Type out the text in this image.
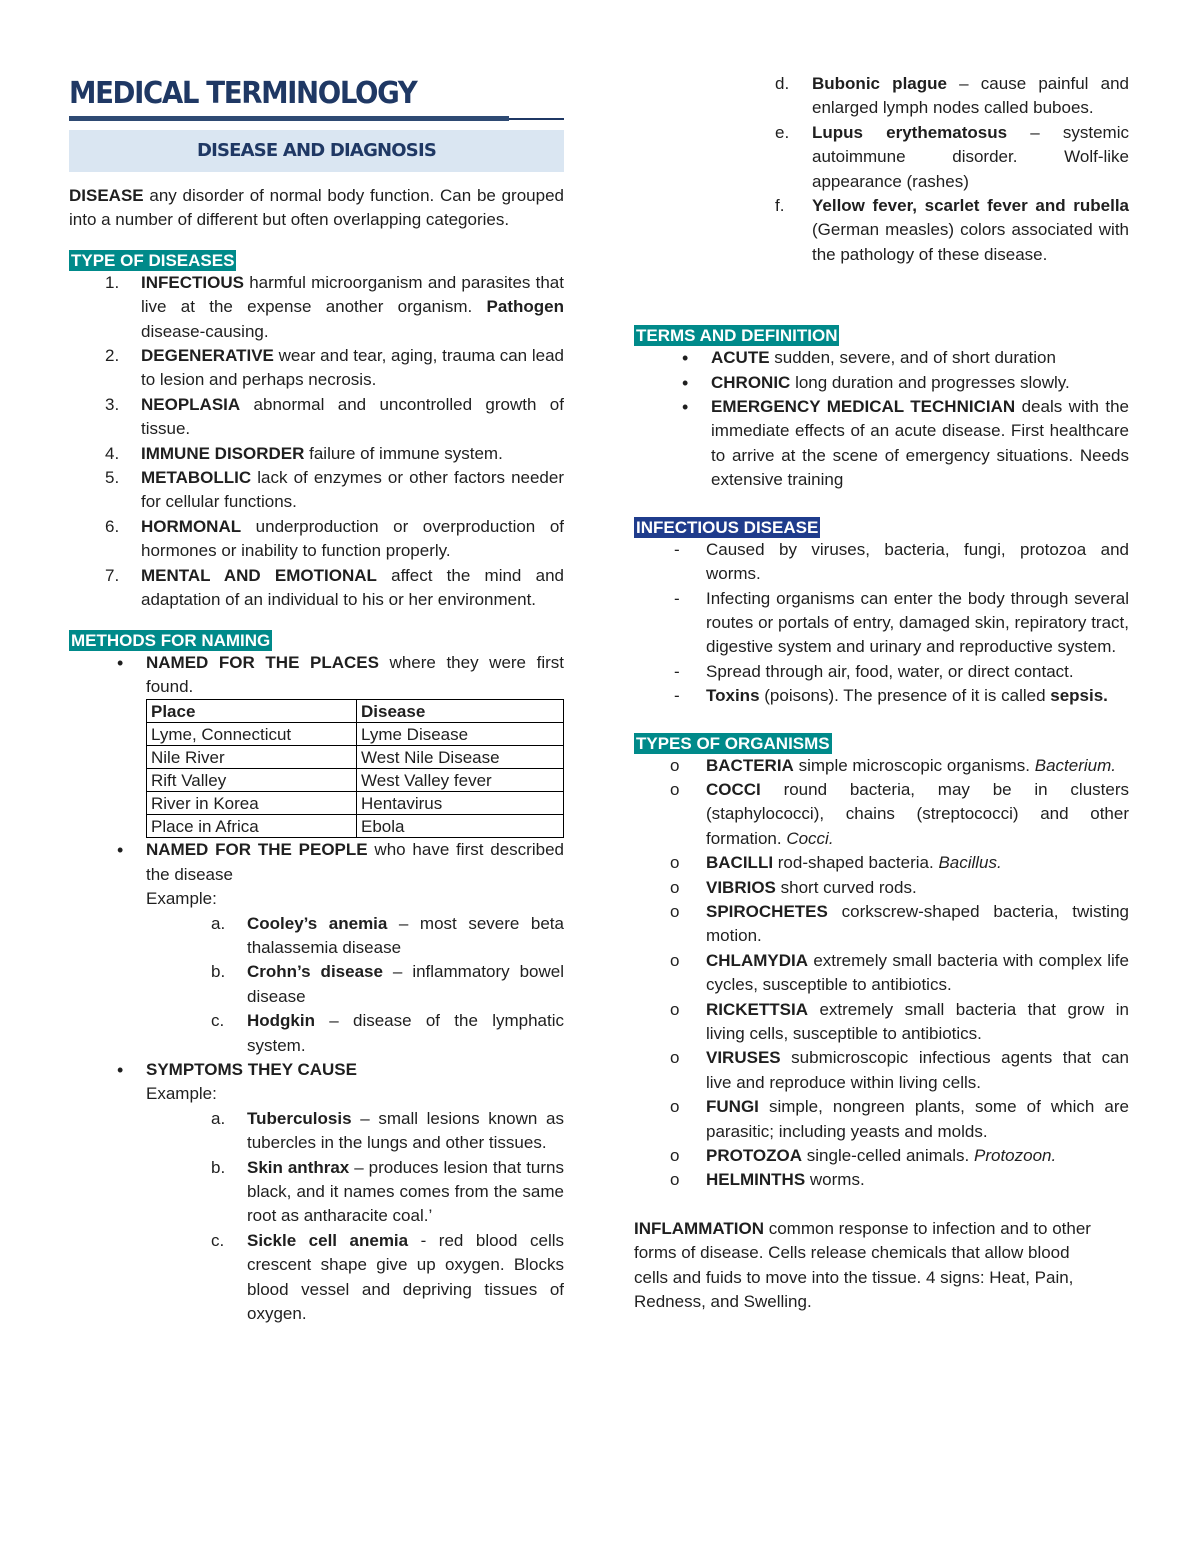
MEDICAL TERMINOLOGY
DISEASE AND DIAGNOSIS

DISEASE any disorder of normal body function. Can be grouped into a number of different but often overlapping categories.

TYPE OF DISEASES
INFECTIOUS harmful microorganism and parasites that live at the expense another organism. Pathogen disease-causing.
DEGENERATIVE wear and tear, aging, trauma can lead to lesion and perhaps necrosis.
NEOPLASIA abnormal and uncontrolled growth of tissue.
IMMUNE DISORDER failure of immune system.
METABOLLIC lack of enzymes or other factors needer for cellular functions.
HORMONAL underproduction or overproduction of hormones or inability to function properly.
MENTAL AND EMOTIONAL affect the mind and adaptation of an individual to his or her environment.
METHODS FOR NAMING
• NAMED FOR THE PLACES where they were first found.
Place	Disease
Lyme, Connecticut	Lyme Disease
Nile River	West Nile Disease
Rift Valley	West Valley fever
River in Korea	Hentavirus
Place in Africa	Ebola
• NAMED FOR THE PEOPLE who have first described the disease
Example:
a. Cooley’s anemia – most severe beta thalassemia disease
b. Crohn’s disease – inflammatory bowel disease
c. Hodgkin – disease of the lymphatic system.
• SYMPTOMS THEY CAUSE
Example:
a. Tuberculosis – small lesions known as tubercles in the lungs and other tissues.
b. Skin anthrax – produces lesion that turns black, and it names comes from the same root as antharacite coal.’
c. Sickle cell anemia - red blood cells crescent shape give up oxygen. Blocks blood vessel and depriving tissues of oxygen.
d. Bubonic plague – cause painful and enlarged lymph nodes called buboes.
e. Lupus erythematosus – systemic autoimmune disorder. Wolf-like appearance (rashes)
f. Yellow fever, scarlet fever and rubella (German measles) colors associated with the pathology of these disease.
TERMS AND DEFINITION
• ACUTE sudden, severe, and of short duration
• CHRONIC long duration and progresses slowly.
• EMERGENCY MEDICAL TECHNICIAN deals with the immediate effects of an acute disease. First healthcare to arrive at the scene of emergency situations. Needs extensive training
INFECTIOUS DISEASE
- Caused by viruses, bacteria, fungi, protozoa and worms.
- Infecting organisms can enter the body through several routes or portals of entry, damaged skin, repiratory tract, digestive system and urinary and reproductive system.
- Spread through air, food, water, or direct contact.
- Toxins (poisons). The presence of it is called sepsis.
TYPES OF ORGANISMS
o BACTERIA simple microscopic organisms. Bacterium.
o COCCI round bacteria, may be in clusters (staphylococci), chains (streptococci) and other formation. Cocci.
o BACILLI rod-shaped bacteria. Bacillus.
o VIBRIOS short curved rods.
o SPIROCHETES corkscrew-shaped bacteria, twisting motion.
o CHLAMYDIA extremely small bacteria with complex life cycles, susceptible to antibiotics.
o RICKETTSIA extremely small bacteria that grow in living cells, susceptible to antibiotics.
o VIRUSES submicroscopic infectious agents that can live and reproduce within living cells.
o FUNGI simple, nongreen plants, some of which are parasitic; including yeasts and molds.
o PROTOZOA single-celled animals. Protozoon.
o HELMINTHS worms.

INFLAMMATION common response to infection and to other forms of disease. Cells release chemicals that allow blood cells and fuids to move into the tissue. 4 signs: Heat, Pain, Redness, and Swelling.
